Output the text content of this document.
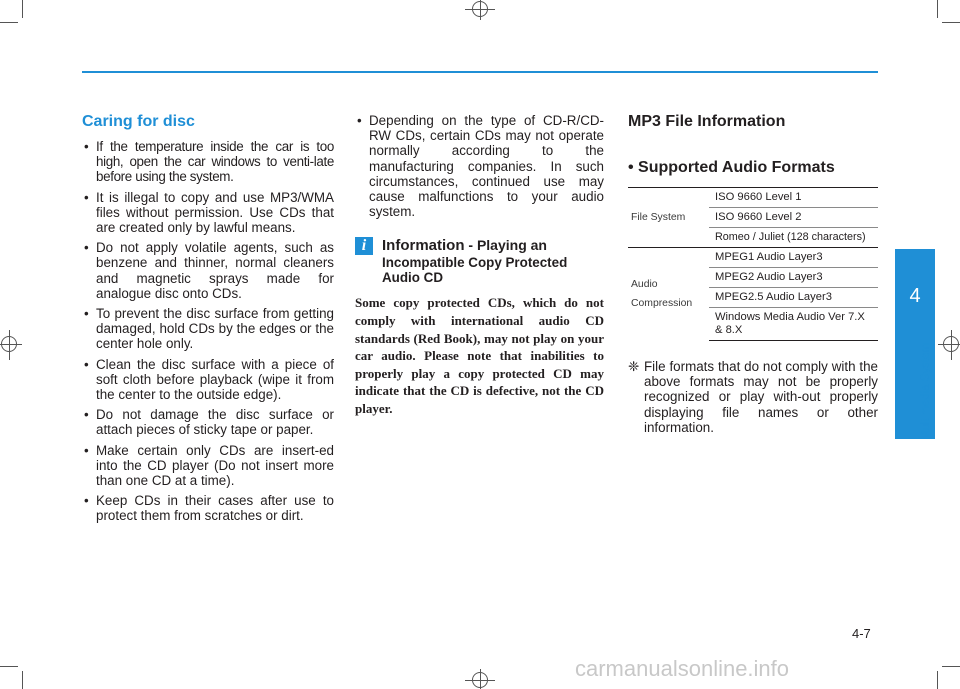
Caring for disc
• If the temperature inside the car is too high, open the car windows to venti-late before using the system.
• It is illegal to copy and use MP3/WMA files without permission. Use CDs that are created only by lawful means.
• Do not apply volatile agents, such as benzene and thinner, normal cleaners and magnetic sprays made for analogue disc onto CDs.
• To prevent the disc surface from getting damaged, hold CDs by the edges or the center hole only.
• Clean the disc surface with a piece of soft cloth before playback (wipe it from the center to the outside edge).
• Do not damage the disc surface or attach pieces of sticky tape or paper.
• Make certain only CDs are insert-ed into the CD player (Do not insert more than one CD at a time).
• Keep CDs in their cases after use to protect them from scratches or dirt.
• Depending on the type of CD-R/CD-RW CDs, certain CDs may not operate normally according to the manufacturing companies. In such circumstances, continued use may cause malfunctions to your audio system.
i	Information - Playing an
Incompatible Copy Protected Audio CD
Some copy protected CDs, which do not comply with international audio CD standards (Red Book), may not play on your car audio. Please note that inabilities to properly play a copy protected CD may indicate that the CD is defective, not the CD player.
MP3 File Information
• Supported Audio Formats
File System	ISO 9660 Level 1
	ISO 9660 Level 2
	Romeo / Juliet (128 characters)

Audio
Compression	MPEG1 Audio Layer3
	MPEG2 Audio Layer3
	MPEG2.5 Audio Layer3
	Windows Media Audio Ver 7.X & 8.X
❈ File formats that do not comply with the above formats may not be properly recognized or play with-out properly displaying file names or other information.
4
Multimedia System
4-7
carmanualsonline.info
